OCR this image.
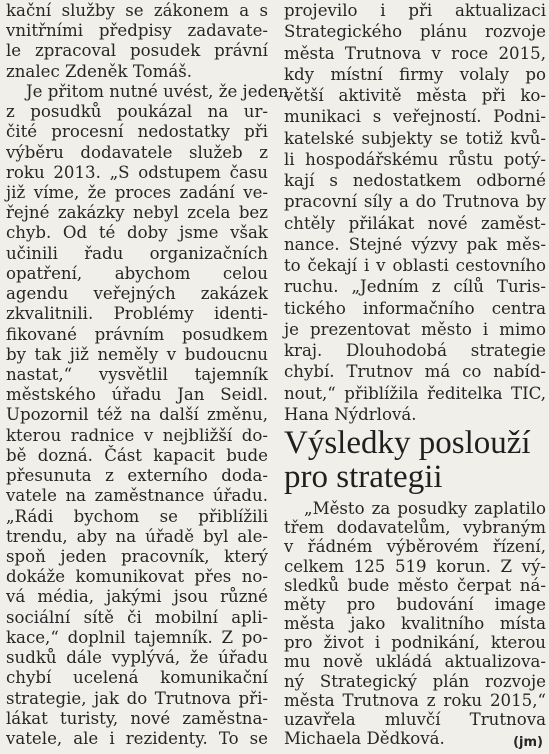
kační služby se zákonem a s
vnitřními předpisy zadavate-
le zpracoval posudek právní
znalec Zdeněk Tomáš.
Je přitom nutné uvést, že jeden
z posudků poukázal na ur-
čité procesní nedostatky při
výběru dodavatele služeb z
roku 2013. „S odstupem času
již víme, že proces zadání ve-
řejné zakázky nebyl zcela bez
chyb. Od té doby jsme však
učinili řadu organizačních
opatření, abychom celou
agendu veřejných zakázek
zkvalitnili. Problémy identi-
fikované právním posudkem
by tak již neměly v budoucnu
nastat,“ vysvětlil tajemník
městského úřadu Jan Seidl.
Upozornil též na další změnu,
kterou radnice v nejbližší do-
bě dozná. Část kapacit bude
přesunuta z externího doda-
vatele na zaměstnance úřadu.
„Rádi bychom se přiblížili
trendu, aby na úřadě byl ale-
spoň jeden pracovník, který
dokáže komunikovat přes no-
vá média, jakými jsou různé
sociální sítě či mobilní apli-
kace,“ doplnil tajemník. Z po-
sudků dále vyplývá, že úřadu
chybí ucelená komunikační
strategie, jak do Trutnova při-
lákat turisty, nové zaměstna-
vatele, ale i rezidenty. To se
projevilo i při aktualizaci
Strategického plánu rozvoje
města Trutnova v roce 2015,
kdy místní firmy volaly po
větší aktivitě města při ko-
munikaci s veřejností. Podni-
katelské subjekty se totiž kvů-
li hospodářskému růstu potý-
kají s nedostatkem odborné
pracovní síly a do Trutnova by
chtěly přilákat nové zaměst-
nance. Stejné výzvy pak měs-
to čekají i v oblasti cestovního
ruchu. „Jedním z cílů Turis-
tického informačního centra
je prezentovat město i mimo
kraj. Dlouhodobá strategie
chybí. Trutnov má co nabíd-
nout,“ přiblížila ředitelka TIC,
Hana Nýdrlová.
Výsledky poslouží
pro strategii
„Město za posudky zaplatilo
třem dodavatelům, vybraným
v řádném výběrovém řízení,
celkem 125 519 korun. Z vý-
sledků bude město čerpat ná-
měty pro budování image
města jako kvalitního místa
pro život i podnikání, kterou
mu nově ukládá aktualizova-
ný Strategický plán rozvoje
města Trutnova z roku 2015,“
uzavřela mluvčí Trutnova
Michaela Dědková.	(jm)
